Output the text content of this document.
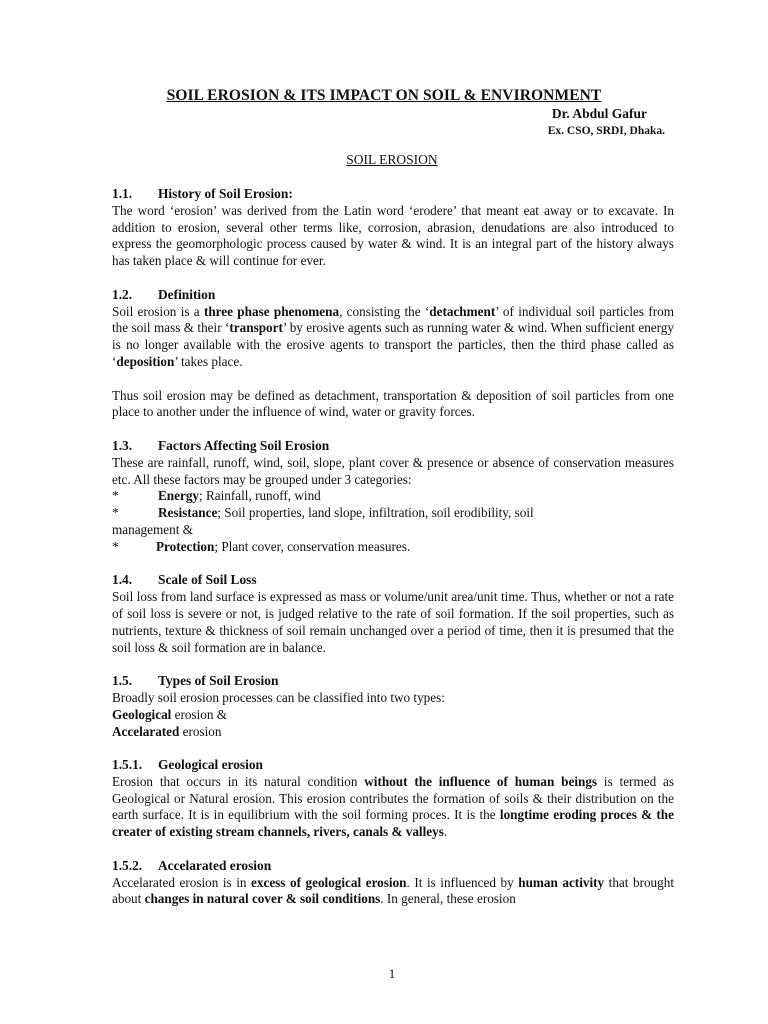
SOIL EROSION & ITS IMPACT ON SOIL & ENVIRONMENT
Dr. Abdul Gafur
Ex. CSO, SRDI, Dhaka.
SOIL EROSION
1.1. History of Soil Erosion:

The word ‘erosion’ was derived from the Latin word ‘erodere’ that meant eat away or to excavate. In addition to erosion, several other terms like, corrosion, abrasion, denudations are also introduced to express the geomorphologic process caused by water & wind. It is an integral part of the history always has taken place & will continue for ever.

1.2. Definition

Soil erosion is a three phase phenomena, consisting the ‘detachment’ of individual soil particles from the soil mass & their ‘transport’ by erosive agents such as running water & wind. When sufficient energy is no longer available with the erosive agents to transport the particles, then the third phase called as ‘deposition’ takes place.

Thus soil erosion may be defined as detachment, transportation & deposition of soil particles from one place to another under the influence of wind, water or gravity forces.

1.3. Factors Affecting Soil Erosion

These are rainfall, runoff, wind, soil, slope, plant cover & presence or absence of conservation measures etc. All these factors may be grouped under 3 categories:

*	Energy; Rainfall, runoff, wind
*	Resistance; Soil properties, land slope, infiltration, soil erodibility, soil
management &
*	Protection; Plant cover, conservation measures.
1.4. Scale of Soil Loss

Soil loss from land surface is expressed as mass or volume/unit area/unit time. Thus, whether or not a rate of soil loss is severe or not, is judged relative to the rate of soil formation. If the soil properties, such as nutrients, texture & thickness of soil remain unchanged over a period of time, then it is presumed that the soil loss & soil formation are in balance.

1.5. Types of Soil Erosion

Broadly soil erosion processes can be classified into two types:

Geological erosion &
Accelarated erosion
1.5.1. Geological erosion

Erosion that occurs in its natural condition without the influence of human beings is termed as Geological or Natural erosion. This erosion contributes the formation of soils & their distribution on the earth surface. It is in equilibrium with the soil forming proces. It is the longtime eroding proces & the creater of existing stream channels, rivers, canals & valleys.

1.5.2. Accelarated erosion

Accelarated erosion is in excess of geological erosion. It is influenced by human activity that brought about changes in natural cover & soil conditions. In general, these erosion

1
